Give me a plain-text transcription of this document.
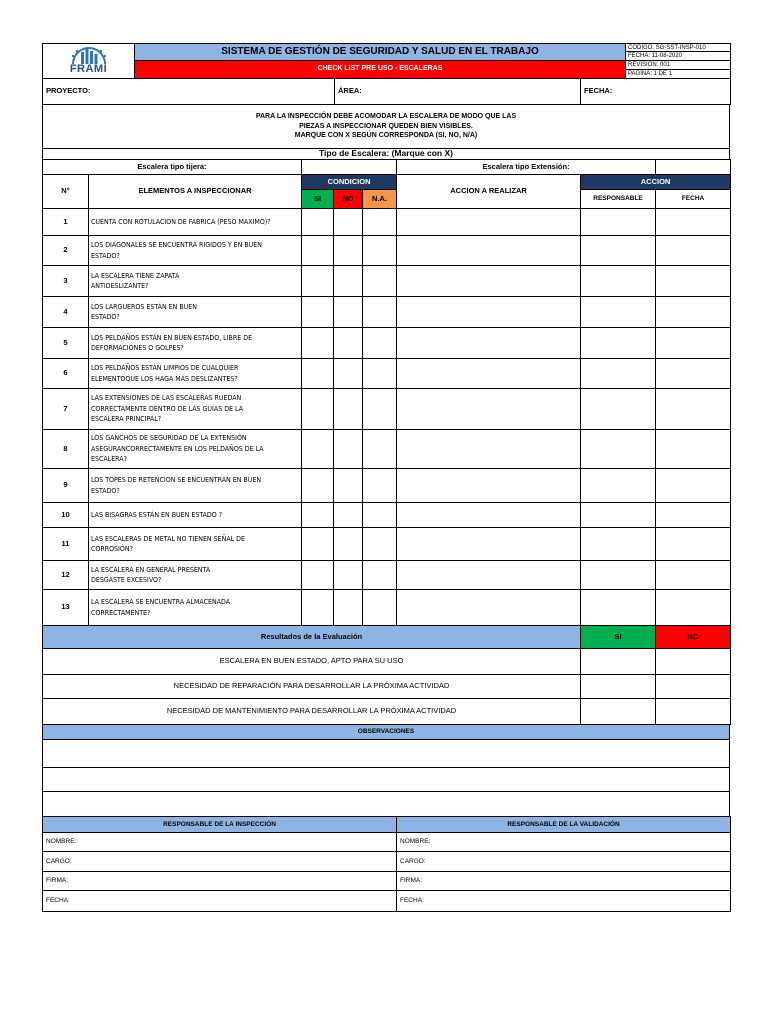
FRAMI	SISTEMA DE GESTIÓN DE SEGURIDAD Y SALUD EN EL TRABAJO	CODIGO: SG-SST-INSP-010
		FECHA: 11-08-2020
	CHECK LIST PRE USO - ESCALERAS	REVISION: 001
		PAGINA: 1 DE 1
PROYECTO:	ÁREA:	FECHA:
PARA LA INSPECCIÓN DEBE ACOMODAR LA ESCALERA DE MODO QUE LAS
PIEZAS A INSPECCIONAR QUEDEN BIEN VISIBLES.
MARQUE CON X SEGÚN CORRESPONDA (SI, NO, N/A)

Tipo de Escalera: (Marque con X)
Escalera tipo tijera:					Escalera tipo Extensión:		
N°	ELEMENTOS A INSPECCIONAR	CONDICION			ACCION A REALIZAR	ACCION	
		SI	NO	N.A.		RESPONSABLE	FECHA
1	CUENTA CON ROTULACION DE FABRICA (PESO MAXIMO)?						

2	LOS DIAGONALES SE ENCUENTRA RIGIDOS Y EN BUEN
ESTADO?						

3	LA ESCALERA TIENE ZAPATA
ANTIDESLIZANTE?						

4	LOS LARGUEROS ESTÁN EN BUEN
ESTADO?						

5	LOS PELDAÑOS ESTÁN EN BUEN ESTADO, LIBRE DE
DEFORMACIONES O GOLPES?						

6	LOS PELDAÑOS ESTÁN LIMPIOS DE CUALQUIER
ELEMENTOQUE LOS HAGA MÁS DESLIZANTES?						

7	LAS EXTENSIONES DE LAS ESCALERAS RUEDAN
CORRECTAMENTE DENTRO DE LAS GUÍAS DE LA
ESCALERA PRINCIPAL?						

8	LOS GANCHOS DE SEGURIDAD DE LA EXTENSIÓN
ASEGURANCORRECTAMENTE EN LOS PELDAÑOS DE LA
ESCALERA?						

9	LOS TOPES DE RETENCION SE ENCUENTRAN EN BUEN
ESTADO?						

10	LAS BISAGRAS ESTÁN EN BUEN ESTADO ?						

11	LAS ESCALERAS DE METAL NO TIENEN SEÑAL DE
CORROSIÓN?						

12	LA ESCALERA EN GENERAL PRESENTA
DESGASTE EXCESIVO?						

13	LA ESCALERA SE ENCUENTRA ALMACENADA
CORRECTAMENTE?						

Resultados de la Evaluación	SI	NO
ESCALERA EN BUEN ESTADO, APTO PARA SU USO		
NECESIDAD DE REPARACIÓN PARA DESARROLLAR LA PRÓXIMA ACTIVIDAD		
NECESIDAD DE MANTENIMIENTO PARA DESARROLLAR LA PRÓXIMA ACTIVIDAD		
OBSERVACIONES

RESPONSABLE DE LA INSPECCIÓN	RESPONSABLE DE LA VALIDACIÓN
NOMBRE:	NOMBRE:
CARGO:	CARGO:
FIRMA:	FIRMA:
FECHA:	FECHA:
